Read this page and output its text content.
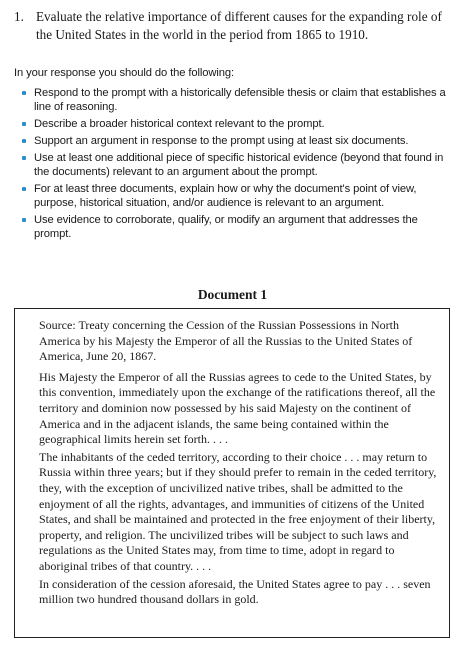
1. Evaluate the relative importance of different causes for the expanding role of the United States in the world in the period from 1865 to 1910.

In your response you should do the following:

Respond to the prompt with a historically defensible thesis or claim that establishes a line of reasoning.
Describe a broader historical context relevant to the prompt.
Support an argument in response to the prompt using at least six documents.
Use at least one additional piece of specific historical evidence (beyond that found in the documents) relevant to an argument about the prompt.
For at least three documents, explain how or why the document's point of view, purpose, historical situation, and/or audience is relevant to an argument.
Use evidence to corroborate, qualify, or modify an argument that addresses the prompt.
Document 1

Source: Treaty concerning the Cession of the Russian Possessions in North America by his Majesty the Emperor of all the Russias to the United States of America, June 20, 1867.

His Majesty the Emperor of all the Russias agrees to cede to the United States, by this convention, immediately upon the exchange of the ratifications thereof, all the territory and dominion now possessed by his said Majesty on the continent of America and in the adjacent islands, the same being contained within the geographical limits herein set forth. . . .

The inhabitants of the ceded territory, according to their choice . . . may return to Russia within three years; but if they should prefer to remain in the ceded territory, they, with the exception of uncivilized native tribes, shall be admitted to the enjoyment of all the rights, advantages, and immunities of citizens of the United States, and shall be maintained and protected in the free enjoyment of their liberty, property, and religion. The uncivilized tribes will be subject to such laws and regulations as the United States may, from time to time, adopt in regard to aboriginal tribes of that country. . . .

In consideration of the cession aforesaid, the United States agree to pay . . . seven million two hundred thousand dollars in gold.
